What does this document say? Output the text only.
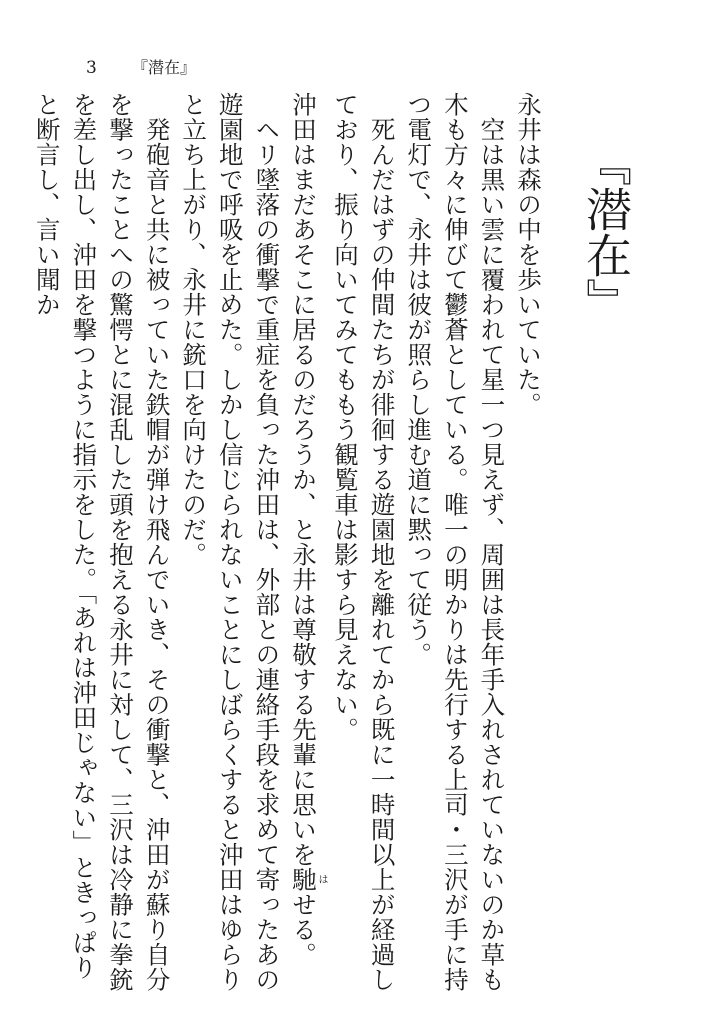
3 『潜在』
『潜在』

永井は森の中を歩いていた。

空は黒い雲に覆われて星一つ見えず、周囲は長年手入れされていないのか草も木も方々に伸びて鬱蒼としている。唯一の明かりは先行する上司・三沢が手に持つ電灯で、永井は彼が照らし進む道に黙って従う。

死んだはずの仲間たちが徘徊する遊園地を離れてから既に一時間以上が経過しており、振り向いてみてももう観覧車は影すら見えない。

沖田はまだあそこに居るのだろうか、と永井は尊敬する先輩に思いを馳はせる。

ヘリ墜落の衝撃で重症を負った沖田は、外部との連絡手段を求めて寄ったあの遊園地で呼吸を止めた。しかし信じられないことにしばらくすると沖田はゆらりと立ち上がり、永井に銃口を向けたのだ。

発砲音と共に被っていた鉄帽が弾け飛んでいき、その衝撃と、沖田が蘇り自分を撃ったことへの驚愕とに混乱した頭を抱える永井に対して、三沢は冷静に拳銃を差し出し、沖田を撃つように指示をした。「あれは沖田じゃない」ときっぱりと断言し、言い聞か
